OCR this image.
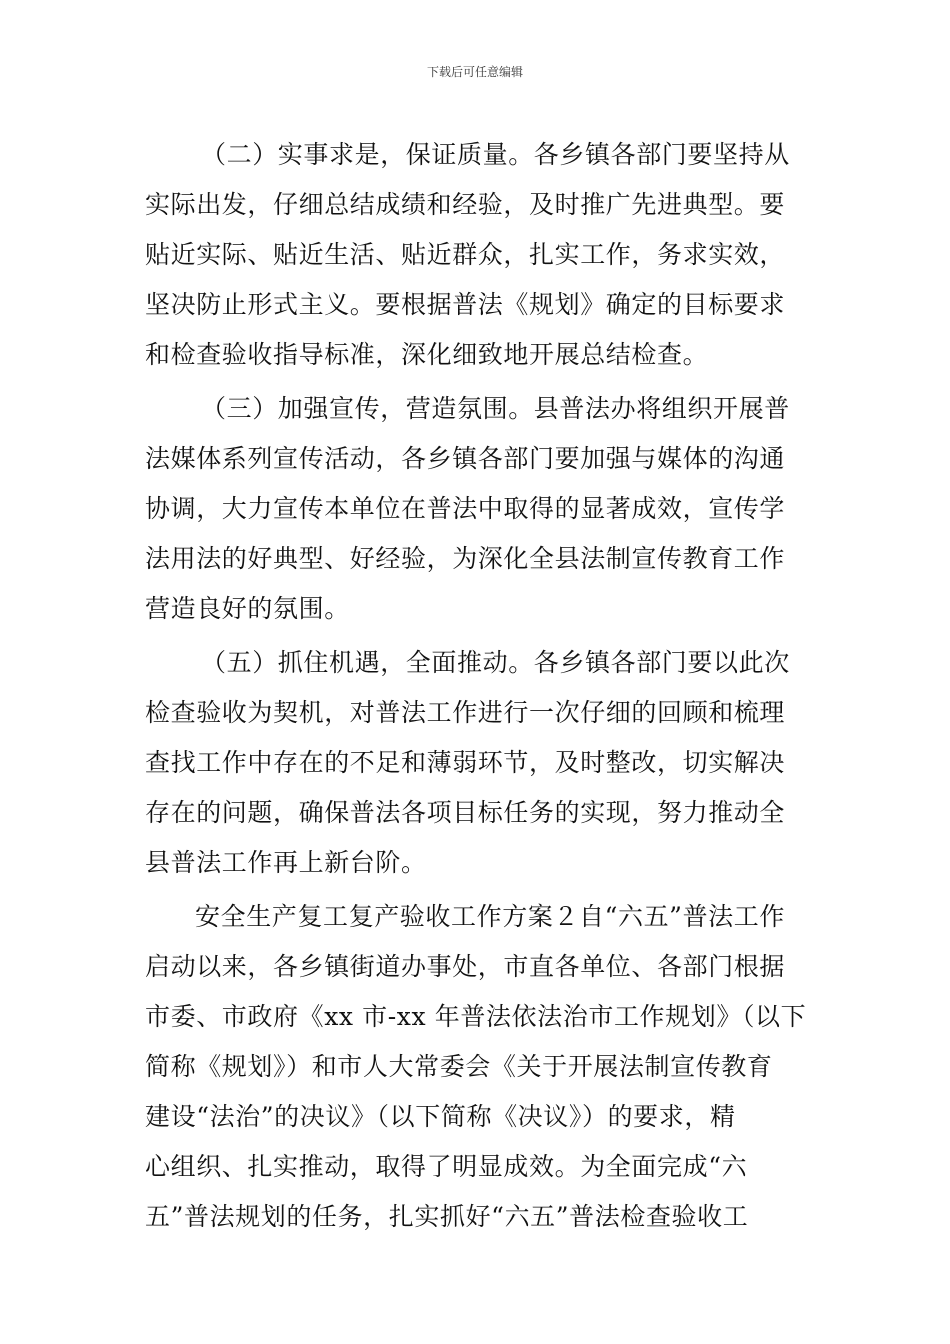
下载后可任意编辑
（二）实事求是，保证质量。各乡镇各部门要坚持从
实际出发，仔细总结成绩和经验，及时推广先进典型。要
贴近实际、贴近生活、贴近群众，扎实工作，务求实效，
坚决防止形式主义。要根据普法《规划》确定的目标要求
和检查验收指导标准，深化细致地开展总结检查。
（三）加强宣传，营造氛围。县普法办将组织开展普
法媒体系列宣传活动，各乡镇各部门要加强与媒体的沟通
协调，大力宣传本单位在普法中取得的显著成效，宣传学
法用法的好典型、好经验，为深化全县法制宣传教育工作
营造良好的氛围。
（五）抓住机遇，全面推动。各乡镇各部门要以此次
检查验收为契机，对普法工作进行一次仔细的回顾和梳理
查找工作中存在的不足和薄弱环节，及时整改，切实解决
存在的问题，确保普法各项目标任务的实现，努力推动全
县普法工作再上新台阶。
安全生产复工复产验收工作方案２自“六五”普法工作
启动以来，各乡镇街道办事处，市直各单位、各部门根据
市委、市政府《xx 市-xx 年普法依法治市工作规划》（以下
简称《规划》）和市人大常委会《关于开展法制宣传教育
建设“法治”的决议》（以下简称《决议》）的要求，精
心组织、扎实推动，取得了明显成效。为全面完成“六
五”普法规划的任务，扎实抓好“六五”普法检查验收工
